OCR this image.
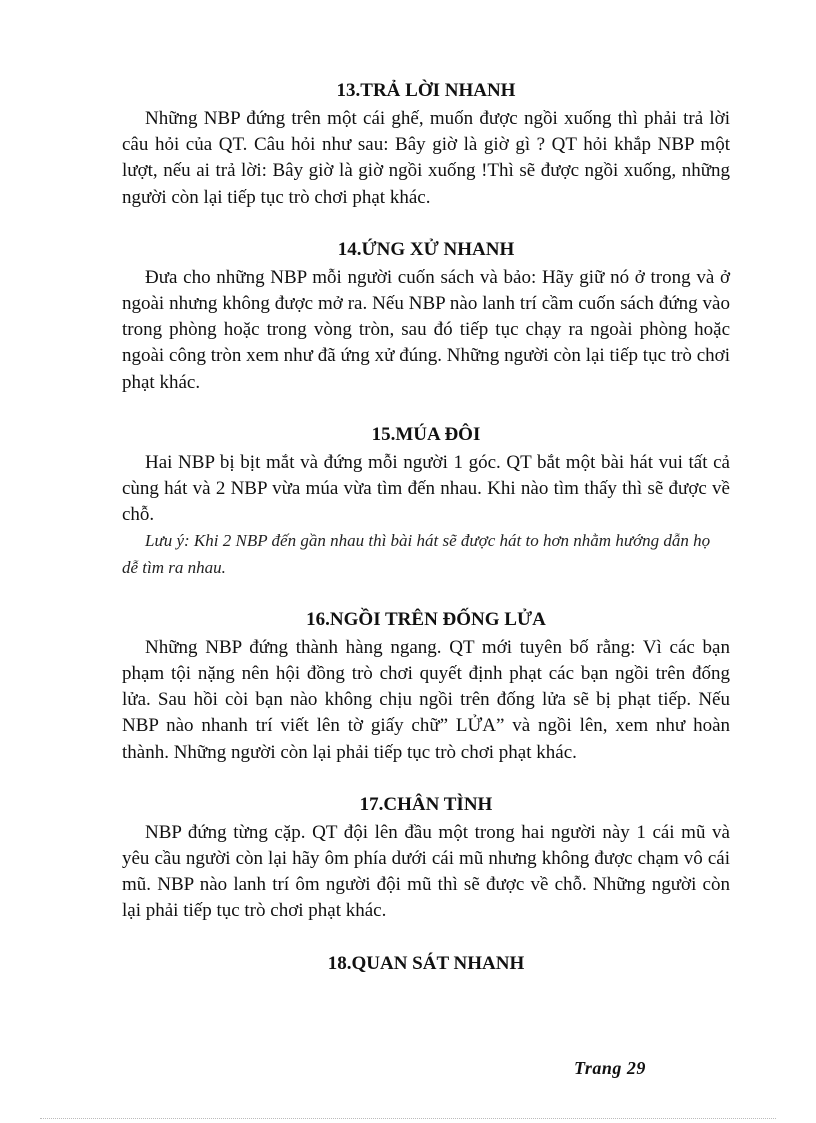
13.TRẢ LỜI NHANH

Những NBP đứng trên một cái ghế, muốn được ngồi xuống thì phải trả lời câu hỏi của QT. Câu hỏi như sau: Bây giờ là giờ gì ? QT hỏi khắp NBP một lượt, nếu ai trả lời: Bây giờ là giờ ngồi xuống !Thì sẽ được ngồi xuống, những người còn lại tiếp tục trò chơi phạt khác.

14.ỨNG XỬ NHANH

Đưa cho những NBP mỗi người cuốn sách và bảo: Hãy giữ nó ở trong và ở ngoài nhưng không được mở ra. Nếu NBP nào lanh trí cầm cuốn sách đứng vào trong phòng hoặc trong vòng tròn, sau đó tiếp tục chạy ra ngoài phòng hoặc ngoài công tròn xem như đã ứng xử đúng. Những người còn lại tiếp tục trò chơi phạt khác.

15.MÚA ĐÔI

Hai NBP bị bịt mắt và đứng mỗi người 1 góc. QT bắt một bài hát vui tất cả cùng hát và 2 NBP vừa múa vừa tìm đến nhau. Khi nào tìm thấy thì sẽ được về chỗ.

Lưu ý: Khi 2 NBP đến gần nhau thì bài hát sẽ được hát to hơn nhằm hướng dẫn họ dễ tìm ra nhau.

16.NGỒI TRÊN ĐỐNG LỬA

Những NBP đứng thành hàng ngang. QT mới tuyên bố rằng: Vì các bạn phạm tội nặng nên hội đồng trò chơi quyết định phạt các bạn ngồi trên đống lửa. Sau hồi còi bạn nào không chịu ngồi trên đống lửa sẽ bị phạt tiếp. Nếu NBP nào nhanh trí viết lên tờ giấy chữ” LỬA” và ngồi lên, xem như hoàn thành. Những người còn lại phải tiếp tục trò chơi phạt khác.

17.CHÂN TÌNH

NBP đứng từng cặp. QT đội lên đầu một trong hai người này 1 cái mũ và yêu cầu người còn lại hãy ôm phía dưới cái mũ nhưng không được chạm vô cái mũ. NBP nào lanh trí ôm người đội mũ thì sẽ được về chỗ. Những người còn lại phải tiếp tục trò chơi phạt khác.

18.QUAN SÁT NHANH
Trang 29
